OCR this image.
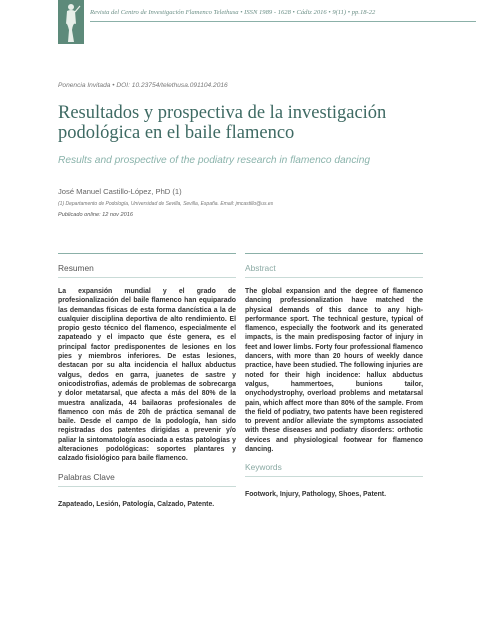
Revista del Centro de Investigación Flamenco Telethusa • ISSN 1989 - 1628 • Cádiz 2016 • 9(11) • pp.18-22
Ponencia Invitada • DOI: 10.23754/telethusa.091104.2016
Resultados y prospectiva de la investigación podológica en el baile flamenco
Results and prospective of the podiatry research in flamenco dancing
José Manuel Castillo-López, PhD (1)
(1) Departamento de Podología, Universidad de Sevilla, Sevilla, España. Email: jmcastillo@us.es
Publicado online: 12 nov 2016
Resumen

La expansión mundial y el grado de profesionalización del baile flamenco han equiparado las demandas físicas de esta forma dancística a la de cualquier disciplina deportiva de alto rendimiento. El propio gesto técnico del flamenco, especialmente el zapateado y el impacto que éste genera, es el principal factor predisponentes de lesiones en los pies y miembros inferiores. De estas lesiones, destacan por su alta incidencia el hallux abductus valgus, dedos en garra, juanetes de sastre y onicodistrofias, además de problemas de sobrecarga y dolor metatarsal, que afecta a más del 80% de la muestra analizada, 44 bailaoras profesionales de flamenco con más de 20h de práctica semanal de baile. Desde el campo de la podología, han sido registradas dos patentes dirigidas a prevenir y/o paliar la sintomatología asociada a estas patologías y alteraciones podológicas: soportes plantares y calzado fisiológico para baile flamenco.

Palabras Clave

Zapateado, Lesión, Patología, Calzado, Patente.

Abstract

The global expansion and the degree of flamenco dancing professionalization have matched the physical demands of this dance to any high-performance sport. The technical gesture, typical of flamenco, especially the footwork and its generated impacts, is the main predisposing factor of injury in feet and lower limbs. Forty four professional flamenco dancers, with more than 20 hours of weekly dance practice, have been studied. The following injuries are noted for their high incidence: hallux abductus valgus, hammertoes, bunions tailor, onychodystrophy, overload problems and metatarsal pain, which affect more than 80% of the sample. From the field of podiatry, two patents have been registered to prevent and/or alleviate the symptoms associated with these diseases and podiatry disorders: orthotic devices and physiological footwear for flamenco dancing.

Keywords

Footwork, Injury, Pathology, Shoes, Patent.
